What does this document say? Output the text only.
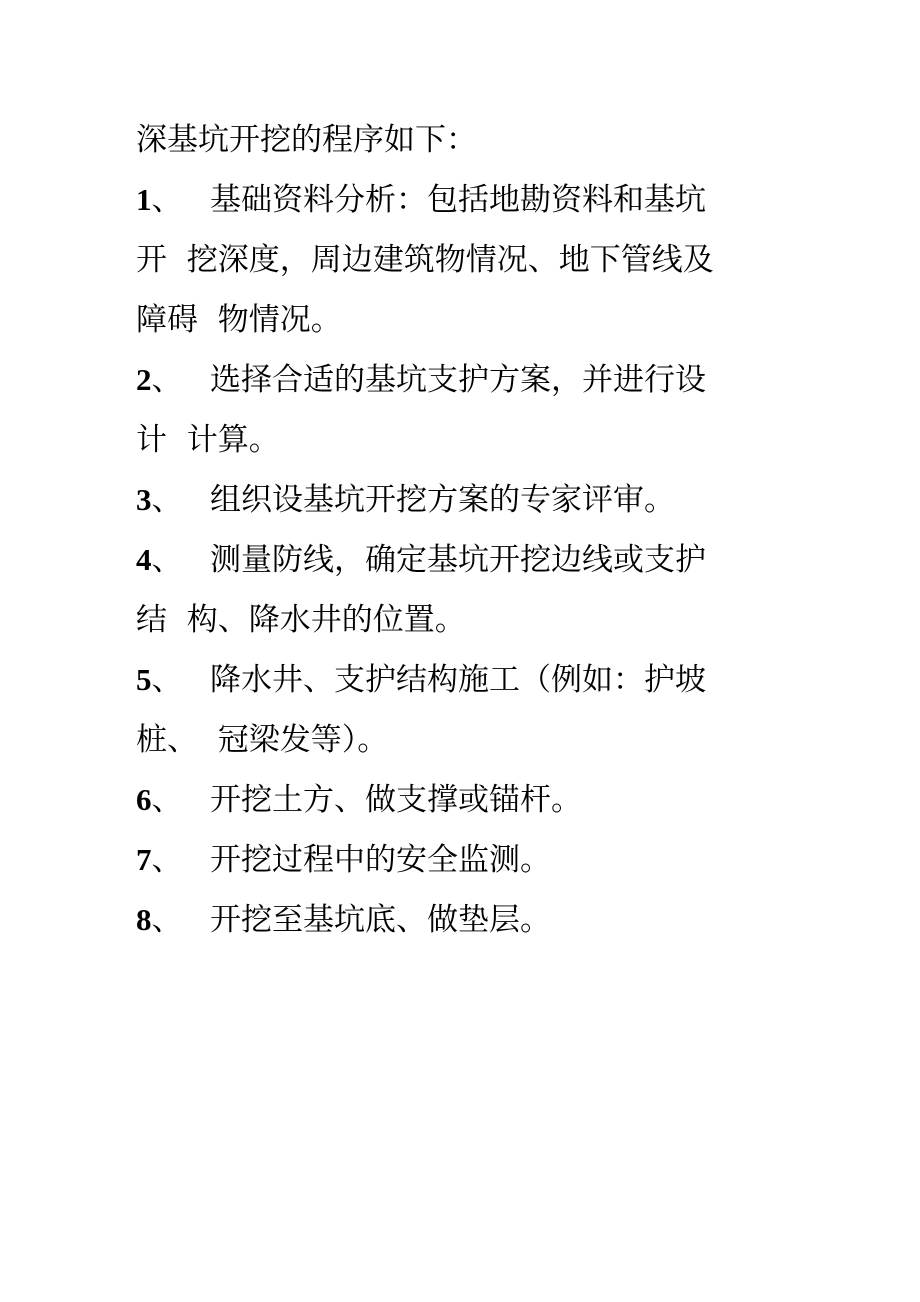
深基坑开挖的程序如下：
1、 基础资料分析：包括地勘资料和基坑
开  挖深度，周边建筑物情况、地下管线及
障碍  物情况。
2、 选择合适的基坑支护方案，并进行设
计  计算。
3、 组织设基坑开挖方案的专家评审。
4、 测量防线，确定基坑开挖边线或支护
结  构、降水井的位置。
5、 降水井、支护结构施工（例如：护坡
桩、  冠梁发等）。
6、 开挖土方、做支撑或锚杆。
7、 开挖过程中的安全监测。
8、 开挖至基坑底、做垫层。
